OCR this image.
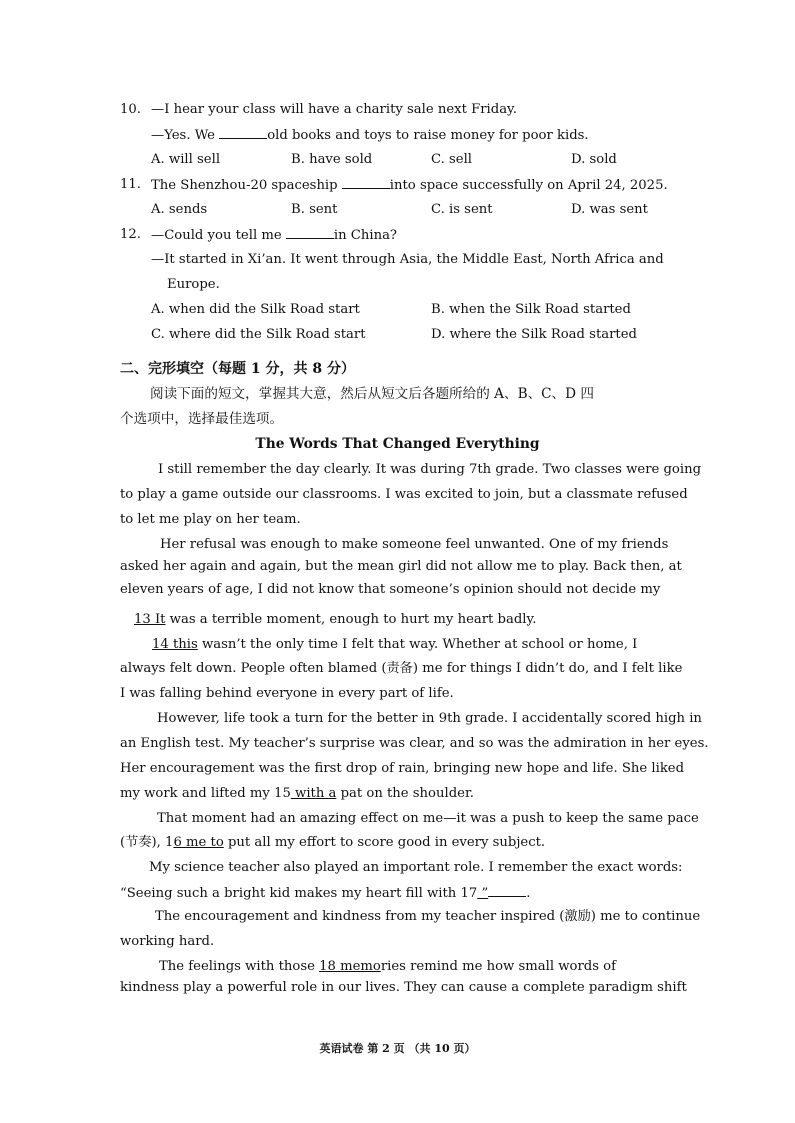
10. —I hear your class will have a charity sale next Friday.
—Yes. We	old books and toys to raise money for poor kids.
A. will sell	B. have sold	C. sell	D. sold
11. The Shenzhou-20 spaceship	into space successfully on April 24, 2025.
A. sends	B. sent	C. is sent	D. was sent
12. —Could you tell me	in China?
—It started in Xi’an. It went through Asia, the Middle East, North Africa and
Europe.
A. when did the Silk Road start	B. when the Silk Road started
C. where did the Silk Road start	D. where the Silk Road started
二、完形填空（每题 1 分，共 8 分）
阅读下面的短文，掌握其大意，然后从短文后各题所给的 A、B、C、D 四
个选项中，选择最佳选项。
The Words That Changed Everything
I still remember the day clearly. It was during 7th grade. Two classes were going
to play a game outside our classrooms. I was excited to join, but a classmate refused
to let me play on her team.
Her refusal was enough to make someone feel unwanted. One of my friends
asked her again and again, but the mean girl did not allow me to play. Back then, at
eleven years of age, I did not know that someone’s opinion should not decide my
13 It was a terrible moment, enough to hurt my heart badly.
14 this wasn’t the only time I felt that way. Whether at school or home, I
always felt down. People often blamed (责备) me for things I didn’t do, and I felt like
I was falling behind everyone in every part of life.
However, life took a turn for the better in 9th grade. I accidentally scored high in
an English test. My teacher’s surprise was clear, and so was the admiration in her eyes.
Her encouragement was the first drop of rain, bringing new hope and life. She liked
my work and lifted my 15 with a pat on the shoulder.
That moment had an amazing effect on me—it was a push to keep the same pace
(节奏), 16 me to put all my effort to score good in every subject.
My science teacher also played an important role. I remember the exact words:
“Seeing such a bright kid makes my heart fill with 17 ”	.
The encouragement and kindness from my teacher inspired (激励) me to continue
working hard.
The feelings with those 18 memories remind me how small words of
kindness play a powerful role in our lives. They can cause a complete paradigm shift
英语试卷 第 2 页 （共 10 页）
